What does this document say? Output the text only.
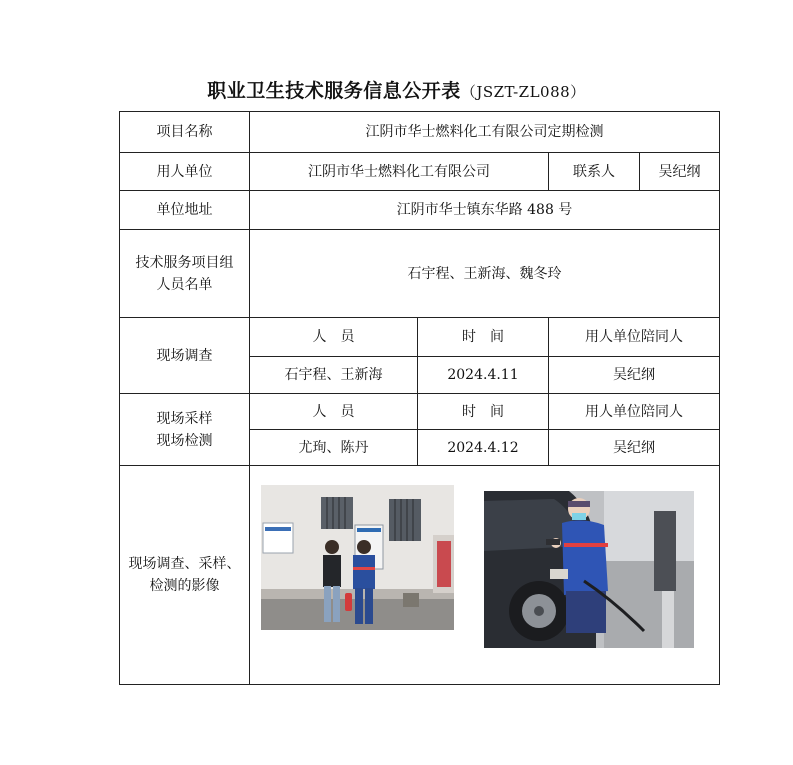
职业卫生技术服务信息公开表（JSZT-ZL088）
项目名称	江阴市华士燃料化工有限公司定期检测			
用人单位	江阴市华士燃料化工有限公司		联系人	吴纪纲
单位地址	江阴市华士镇东华路 488 号			

技术服务项目组
人员名单	石宇程、王新海、魏冬玲			
现场调查	人　员	时　间	用人单位陪同人	
	石宇程、王新海	2024.4.11	吴纪纲	

现场采样
现场检测	人　员	时　间	用人单位陪同人	
	尤珣、陈丹	2024.4.12	吴纪纲	

现场调查、采样、
检测的影像
